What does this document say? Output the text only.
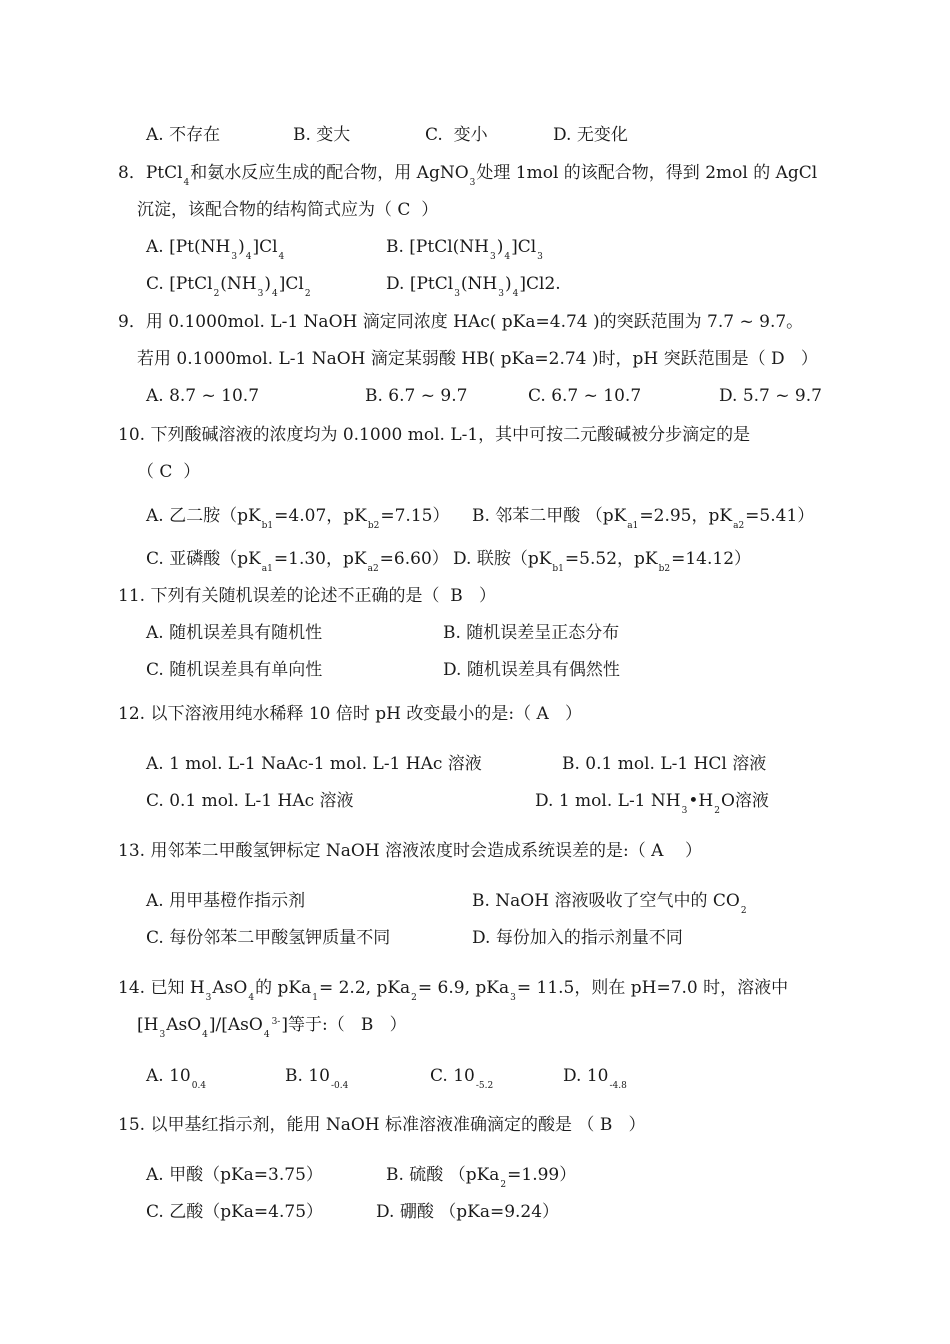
A. 不存在	B. 变大	C.  变小	D. 无变化
8．PtCl$_4$和氨水反应生成的配合物，用 AgNO$_3$处理 1mol 的该配合物，得到 2mol 的 AgCl
沉淀，该配合物的结构简式应为（ C  ）
A. $[Pt(NH_3)_4]Cl_4$	B. $[PtCl(NH_3)_4]Cl_3$
C. $[PtCl_2(NH_3)_4]Cl_2$	D. $[PtCl_3(NH_3)_4]Cl2$.
9．用 0.1000mol. L-1 NaOH 滴定同浓度 HAc( pKa=4.74 )的突跃范围为 7.7 ~ 9.7。
若用 0.1000mol. L-1 NaOH 滴定某弱酸 HB( pKa=2.74 )时，pH 突跃范围是（ D   ）
A. 8.7 ~ 10.7	B. 6.7 ~ 9.7	C. 6.7 ~ 10.7	D. 5.7 ~ 9.7
10. 下列酸碱溶液的浓度均为 0.1000 mol. L-1，其中可按二元酸碱被分步滴定的是
（ C  ）
A. 乙二胺（$pK_{b1}=4.07$，$pK_{b2}=7.15$） B. 邻苯二甲酸 （$pK_{a1}=2.95$，$pK_{a2}=5.41$）
C. 亚磷酸（$pK_{a1}=1.30$，$pK_{a2}=6.60$） D. 联胺（$pK_{b1}=5.52$，$pK_{b2}=14.12$）
11. 下列有关随机误差的论述不正确的是（  B   ）
A. 随机误差具有随机性	B. 随机误差呈正态分布
C. 随机误差具有单向性	D. 随机误差具有偶然性
12. 以下溶液用纯水稀释 10 倍时 pH 改变最小的是:（ A   ）
A. 1 mol. L-1 NaAc-1 mol. L-1 HAc 溶液	B. 0.1 mol. L-1 HCl 溶液
C. 0.1 mol. L-1 HAc 溶液	D. 1 mol. L-1 $NH_3•H_2O$溶液
13. 用邻苯二甲酸氢钾标定 NaOH 溶液浓度时会造成系统误差的是:（ A    ）
A. 用甲基橙作指示剂	B. NaOH 溶液吸收了空气中的 $CO_2$
C. 每份邻苯二甲酸氢钾质量不同	D. 每份加入的指示剂量不同
14. 已知 $H_3AsO_4$的 pKa$_1$= 2.2, pKa$_2$= 6.9, pKa$_3$= 11.5，则在 pH=7.0 时，溶液中
$[H_3AsO_4]/[AsO_4^{3-}]$等于:（   B   ）
A. $10_{0.4}$	B. $10_{-0.4}$	C. $10_{-5.2}$	D. $10_{-4.8}$
15. 以甲基红指示剂，能用 NaOH 标准溶液准确滴定的酸是 （ B   ）
A. 甲酸（pKa=3.75）	B. 硫酸 （pKa$_2$=1.99）
C. 乙酸（pKa=4.75）	D. 硼酸 （pKa=9.24）
